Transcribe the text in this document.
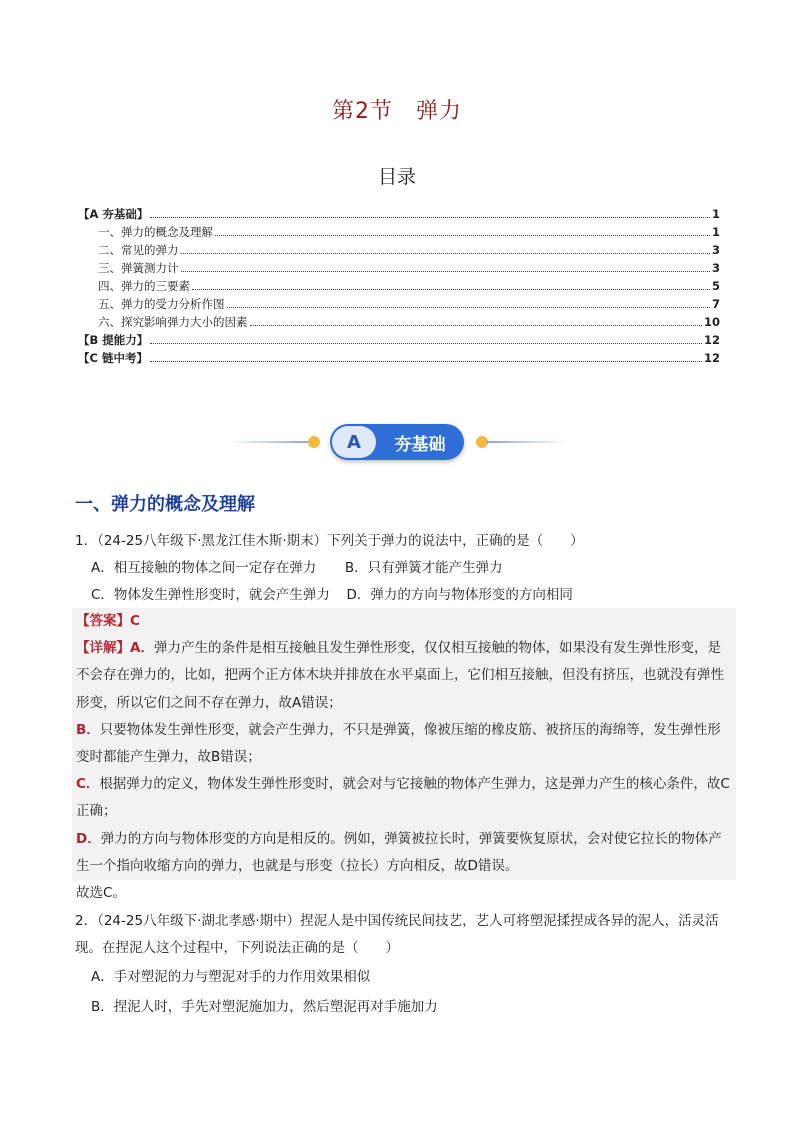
第2节　弹力
目录
【A 夯基础】	1
一、弹力的概念及理解	1
二、常见的弹力	3
三、弹簧测力计	3
四、弹力的三要素	5
五、弹力的受力分析作图	7
六、探究影响弹力大小的因素	10
【B 提能力】	12
【C 链中考】	12
A	夯基础
一、弹力的概念及理解
1．（24-25八年级下·黑龙江佳木斯·期末）下列关于弹力的说法中，正确的是（　　）
A．相互接触的物体之间一定存在弹力 B．只有弹簧才能产生弹力
C．物体发生弹性形变时，就会产生弹力 D．弹力的方向与物体形变的方向相同
【答案】C
【详解】A．弹力产生的条件是相互接触且发生弹性形变，仅仅相互接触的物体，如果没有发生弹性形变，是不会存在弹力的，比如，把两个正方体木块并排放在水平桌面上，它们相互接触，但没有挤压，也就没有弹性形变，所以它们之间不存在弹力，故A错误；
B．只要物体发生弹性形变，就会产生弹力，不只是弹簧，像被压缩的橡皮筋、被挤压的海绵等，发生弹性形变时都能产生弹力，故B错误；
C．根据弹力的定义，物体发生弹性形变时，就会对与它接触的物体产生弹力，这是弹力产生的核心条件，故C正确；
D．弹力的方向与物体形变的方向是相反的。例如，弹簧被拉长时，弹簧要恢复原状，会对使它拉长的物体产生一个指向收缩方向的弹力，也就是与形变（拉长）方向相反，故D错误。
故选C。
2．（24-25八年级下·湖北孝感·期中）捏泥人是中国传统民间技艺，艺人可将塑泥揉捏成各异的泥人，活灵活现。在捏泥人这个过程中，下列说法正确的是（　　）
A．手对塑泥的力与塑泥对手的力作用效果相似
B．捏泥人时，手先对塑泥施加力，然后塑泥再对手施加力
